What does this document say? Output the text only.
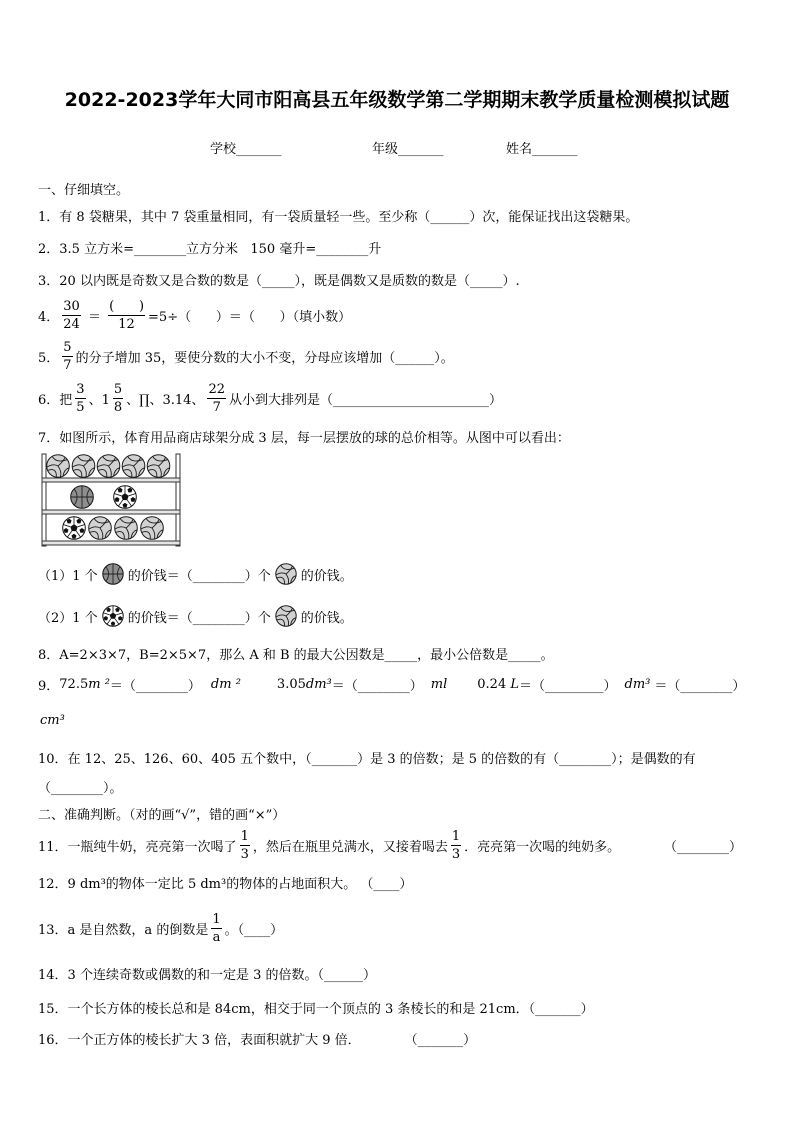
2022-2023学年大同市阳高县五年级数学第二学期期末教学质量检测模拟试题
学校_______	年级_______	姓名_______
一、仔细填空。
1． 有 8 袋糖果，其中 7 袋重量相同，有一袋质量轻一些。至少称（______）次，能保证找出这袋糖果。
2． 3.5 立方米=________立方分米   150 毫升=________升
3． 20 以内既是奇数又是合数的数是（_____），既是偶数又是质数的数是（_____）.
4． $\frac{30}{24} = \frac{( )}{12} =5\div$（      ）＝（      ）（填小数）
5． $\frac{5}{7}$ 的分子增加 35，要使分数的大小不变，分母应该增加（______）。
6． 把 $\frac{3}{5}$ 、$1 \frac{5}{8}$ 、∏、3.14、 $\frac{22}{7}$ 从小到大排列是（________________________）
7． 如图所示，体育用品商店球架分成 3 层，每一层摆放的球的总价相等。从图中可以看出：
（1）1 个 的价钱＝（________）个 的价钱。
（2）1 个 的价钱＝（________）个 的价钱。
8． A=2×3×7，B=2×5×7，那么 A 和 B 的最大公因数是_____，最小公倍数是_____。
9． 72.5 m ² ＝（________） dm ²	3.05 dm³ ＝（________） ml 0.24 L ＝（_________） dm³ ＝（________）
cm³
10． 在 12、25、126、60、405 五个数中，（_______）是 3 的倍数；是 5 的倍数的有（________）；是偶数的有
（________）。
二、准确判断。（对的画“√”，错的画“×”）
11． 一瓶纯牛奶，亮亮第一次喝了 $\frac{1}{3}$ ，然后在瓶里兑满水，又接着喝去 $\frac{1}{3}$ ．亮亮第一次喝的纯奶多。	（________）
12． 9 dm³的物体一定比 5 dm³的物体的占地面积大。 （____）
13． a 是自然数，a 的倒数是 $\frac{1}{a}$ 。（____）
14． 3 个连续奇数或偶数的和一定是 3 的倍数。（______）
15． 一个长方体的棱长总和是 84cm，相交于同一个顶点的 3 条棱长的和是 21cm．（_______）
16． 一个正方体的棱长扩大 3 倍，表面积就扩大 9 倍．	（_______）
